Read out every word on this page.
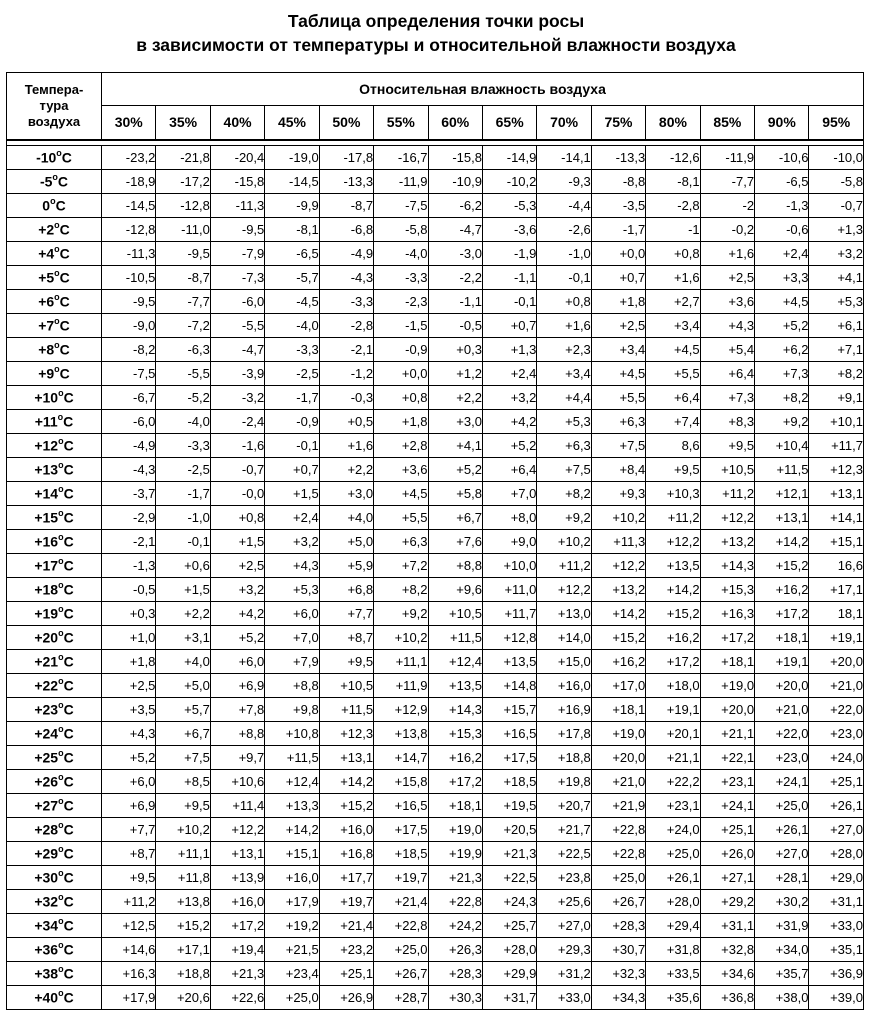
Таблица определения точки росы
в зависимости от температуры и относительной влажности воздуха
Темпера-
тура
воздуха	Относительная влажность воздуха													
	30%	35%	40%	45%	50%	55%	60%	65%	70%	75%	80%	85%	90%	95%

-10$^o$C	-23,2	-21,8	-20,4	-19,0	-17,8	-16,7	-15,8	-14,9	-14,1	-13,3	-12,6	-11,9	-10,6	-10,0
-5$^o$C	-18,9	-17,2	-15,8	-14,5	-13,3	-11,9	-10,9	-10,2	-9,3	-8,8	-8,1	-7,7	-6,5	-5,8
0$^o$C	-14,5	-12,8	-11,3	-9,9	-8,7	-7,5	-6,2	-5,3	-4,4	-3,5	-2,8	-2	-1,3	-0,7
$+2^oC$	-12,8	-11,0	-9,5	-8,1	-6,8	-5,8	-4,7	-3,6	-2,6	-1,7	-1	-0,2	-0,6	+1,3
$+4^oC$	-11,3	-9,5	-7,9	-6,5	-4,9	-4,0	-3,0	-1,9	-1,0	+0,0	+0,8	+1,6	+2,4	+3,2
$+5^oC$	-10,5	-8,7	-7,3	-5,7	-4,3	-3,3	-2,2	-1,1	-0,1	+0,7	+1,6	+2,5	+3,3	+4,1
$+6^oC$	-9,5	-7,7	-6,0	-4,5	-3,3	-2,3	-1,1	-0,1	+0,8	+1,8	+2,7	+3,6	+4,5	+5,3
$+7^oC$	-9,0	-7,2	-5,5	-4,0	-2,8	-1,5	-0,5	+0,7	+1,6	+2,5	+3,4	+4,3	+5,2	+6,1
$+8^oC$	-8,2	-6,3	-4,7	-3,3	-2,1	-0,9	+0,3	+1,3	+2,3	+3,4	+4,5	+5,4	+6,2	+7,1
$+9^oC$	-7,5	-5,5	-3,9	-2,5	-1,2	+0,0	+1,2	+2,4	+3,4	+4,5	+5,5	+6,4	+7,3	+8,2
$+10^oC$	-6,7	-5,2	-3,2	-1,7	-0,3	+0,8	+2,2	+3,2	+4,4	+5,5	+6,4	+7,3	+8,2	+9,1
$+11^oC$	-6,0	-4,0	-2,4	-0,9	+0,5	+1,8	+3,0	+4,2	+5,3	+6,3	+7,4	+8,3	+9,2	+10,1
$+12^oC$	-4,9	-3,3	-1,6	-0,1	+1,6	+2,8	+4,1	+5,2	+6,3	+7,5	8,6	+9,5	+10,4	+11,7
$+13^oC$	-4,3	-2,5	-0,7	+0,7	+2,2	+3,6	+5,2	+6,4	+7,5	+8,4	+9,5	+10,5	+11,5	+12,3
$+14^oC$	-3,7	-1,7	-0,0	+1,5	+3,0	+4,5	+5,8	+7,0	+8,2	+9,3	+10,3	+11,2	+12,1	+13,1
$+15^oC$	-2,9	-1,0	+0,8	+2,4	+4,0	+5,5	+6,7	+8,0	+9,2	+10,2	+11,2	+12,2	+13,1	+14,1
$+16^oC$	-2,1	-0,1	+1,5	+3,2	+5,0	+6,3	+7,6	+9,0	+10,2	+11,3	+12,2	+13,2	+14,2	+15,1
$+17^oC$	-1,3	+0,6	+2,5	+4,3	+5,9	+7,2	+8,8	+10,0	+11,2	+12,2	+13,5	+14,3	+15,2	16,6
$+18^oC$	-0,5	+1,5	+3,2	+5,3	+6,8	+8,2	+9,6	+11,0	+12,2	+13,2	+14,2	+15,3	+16,2	+17,1
$+19^oC$	+0,3	+2,2	+4,2	+6,0	+7,7	+9,2	+10,5	+11,7	+13,0	+14,2	+15,2	+16,3	+17,2	18,1
$+20^oC$	+1,0	+3,1	+5,2	+7,0	+8,7	+10,2	+11,5	+12,8	+14,0	+15,2	+16,2	+17,2	+18,1	+19,1
$+21^oC$	+1,8	+4,0	+6,0	+7,9	+9,5	+11,1	+12,4	+13,5	+15,0	+16,2	+17,2	+18,1	+19,1	+20,0
$+22^oC$	+2,5	+5,0	+6,9	+8,8	+10,5	+11,9	+13,5	+14,8	+16,0	+17,0	+18,0	+19,0	+20,0	+21,0
$+23^oC$	+3,5	+5,7	+7,8	+9,8	+11,5	+12,9	+14,3	+15,7	+16,9	+18,1	+19,1	+20,0	+21,0	+22,0
$+24^oC$	+4,3	+6,7	+8,8	+10,8	+12,3	+13,8	+15,3	+16,5	+17,8	+19,0	+20,1	+21,1	+22,0	+23,0
$+25^oC$	+5,2	+7,5	+9,7	+11,5	+13,1	+14,7	+16,2	+17,5	+18,8	+20,0	+21,1	+22,1	+23,0	+24,0
$+26^oC$	+6,0	+8,5	+10,6	+12,4	+14,2	+15,8	+17,2	+18,5	+19,8	+21,0	+22,2	+23,1	+24,1	+25,1
$+27^oC$	+6,9	+9,5	+11,4	+13,3	+15,2	+16,5	+18,1	+19,5	+20,7	+21,9	+23,1	+24,1	+25,0	+26,1
$+28^oC$	+7,7	+10,2	+12,2	+14,2	+16,0	+17,5	+19,0	+20,5	+21,7	+22,8	+24,0	+25,1	+26,1	+27,0
$+29^oC$	+8,7	+11,1	+13,1	+15,1	+16,8	+18,5	+19,9	+21,3	+22,5	+22,8	+25,0	+26,0	+27,0	+28,0
$+30^oC$	+9,5	+11,8	+13,9	+16,0	+17,7	+19,7	+21,3	+22,5	+23,8	+25,0	+26,1	+27,1	+28,1	+29,0
$+32^oC$	+11,2	+13,8	+16,0	+17,9	+19,7	+21,4	+22,8	+24,3	+25,6	+26,7	+28,0	+29,2	+30,2	+31,1
$+34^oC$	+12,5	+15,2	+17,2	+19,2	+21,4	+22,8	+24,2	+25,7	+27,0	+28,3	+29,4	+31,1	+31,9	+33,0
$+36^oC$	+14,6	+17,1	+19,4	+21,5	+23,2	+25,0	+26,3	+28,0	+29,3	+30,7	+31,8	+32,8	+34,0	+35,1
$+38^oC$	+16,3	+18,8	+21,3	+23,4	+25,1	+26,7	+28,3	+29,9	+31,2	+32,3	+33,5	+34,6	+35,7	+36,9
$+40^oC$	+17,9	+20,6	+22,6	+25,0	+26,9	+28,7	+30,3	+31,7	+33,0	+34,3	+35,6	+36,8	+38,0	+39,0
